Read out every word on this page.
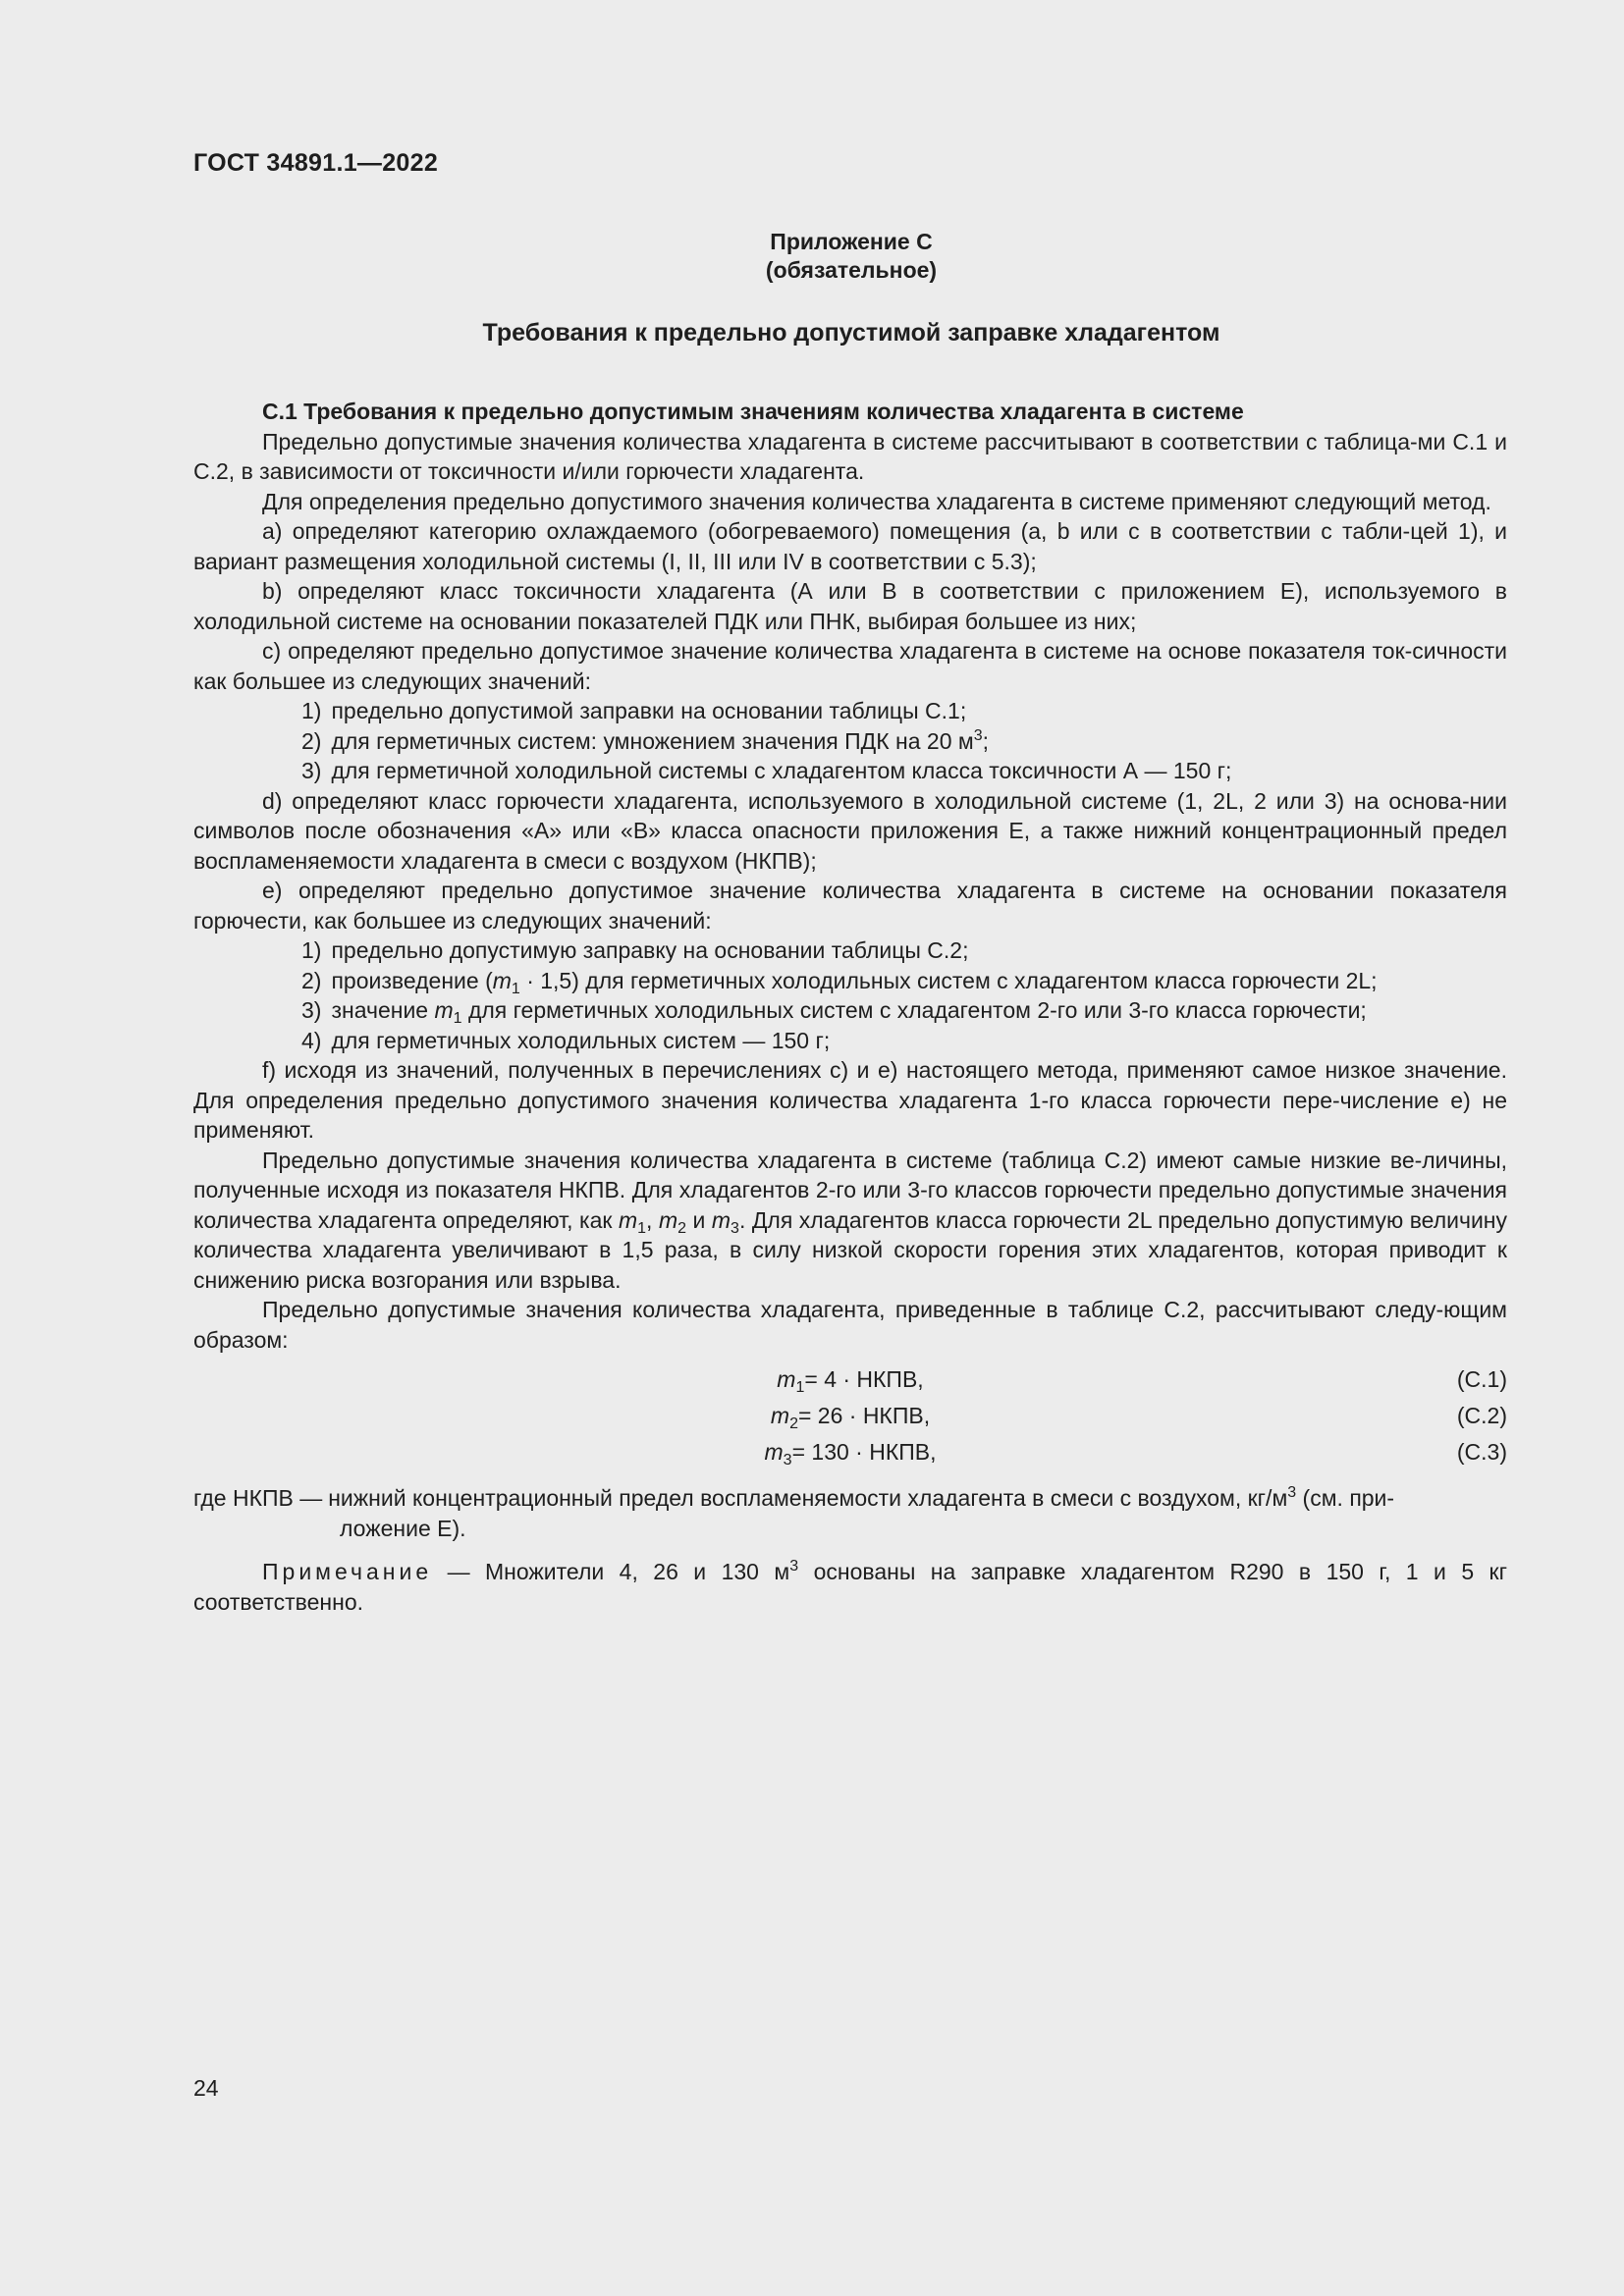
ГОСТ 34891.1—2022
Приложение С
(обязательное)
Требования к предельно допустимой заправке хладагентом

С.1 Требования к предельно допустимым значениям количества хладагента в системе

Предельно допустимые значения количества хладагента в системе рассчитывают в соответствии с таблица-ми С.1 и С.2, в зависимости от токсичности и/или горючести хладагента.

Для определения предельно допустимого значения количества хладагента в системе применяют следующий метод.

a) определяют категорию охлаждаемого (обогреваемого) помещения (а, b или с в соответствии с табли-цей 1), и вариант размещения холодильной системы (I, II, III или IV в соответствии с 5.3);

b) определяют класс токсичности хладагента (А или В в соответствии с приложением Е), используемого в холодильной системе на основании показателей ПДК или ПНК, выбирая большее из них;

c) определяют предельно допустимое значение количества хладагента в системе на основе показателя ток-сичности как большее из следующих значений:

1) предельно допустимой заправки на основании таблицы С.1;

2) для герметичных систем: умножением значения ПДК на 20 $м^3$;

3) для герметичной холодильной системы с хладагентом класса токсичности А — 150 г;

d) определяют класс горючести хладагента, используемого в холодильной системе (1, 2L, 2 или 3) на основа-нии символов после обозначения «А» или «В» класса опасности приложения Е, а также нижний концентрационный предел воспламеняемости хладагента в смеси с воздухом (НКПВ);

e) определяют предельно допустимое значение количества хладагента в системе на основании показателя горючести, как большее из следующих значений:

1) предельно допустимую заправку на основании таблицы С.2;

2) произведение $(m_1 \cdot 1,5)$ для герметичных холодильных систем с хладагентом класса горючести 2L;

3) значение $m_1$ для герметичных холодильных систем с хладагентом 2-го или 3-го класса горючести;

4) для герметичных холодильных систем — 150 г;

f) исходя из значений, полученных в перечислениях с) и е) настоящего метода, применяют самое низкое значение. Для определения предельно допустимого значения количества хладагента 1-го класса горючести пере-числение е) не применяют.

Предельно допустимые значения количества хладагента в системе (таблица С.2) имеют самые низкие ве-личины, полученные исходя из показателя НКПВ. Для хладагентов 2-го или 3-го классов горючести предельно допустимые значения количества хладагента определяют, как $m_1$, $m_2$ и $m_3$. Для хладагентов класса горючести 2L предельно допустимую величину количества хладагента увеличивают в 1,5 раза, в силу низкой скорости горения этих хладагентов, которая приводит к снижению риска возгорания или взрыва.

Предельно допустимые значения количества хладагента, приведенные в таблице С.2, рассчитывают следу-ющим образом:

$m_1= 4$ · НКПВ,	(С.1)
$m_2= 26$ · НКПВ,	(С.2)
$m_3= 130$ · НКПВ,	(С.3)
где НКПВ — нижний концентрационный предел воспламеняемости хладагента в смеси с воздухом, $кг/м^3$ (см. при-
ложение Е).

Примечание — Множители 4, 26 и 130 $м^3$ основаны на заправке хладагентом R290 в 150 г, 1 и 5 кг соответственно.

24
